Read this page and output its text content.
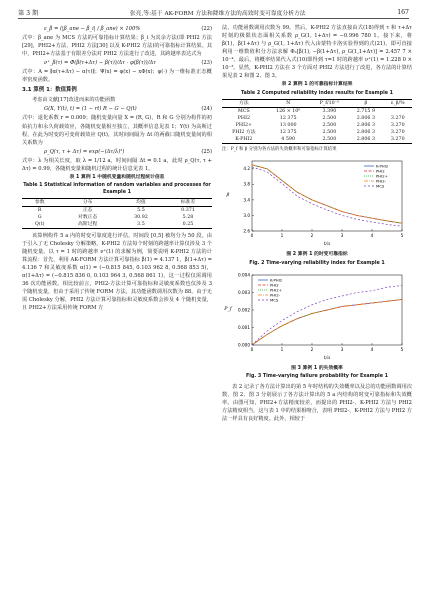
第 3 期	张亮,等:基于 AK-FORM 方法和降维方法的高效时变可靠度分析方法	167
ε_β = (|β_ane − β_i| / β_ane) × 100%	(22)

式中：β_ane 为 MCS 方法的可靠指标计算结果；β_i 为其余方法(即 PHI2 方法[29]，PHI2+方法、PHI2 方法[30] 以及 K-PHI2 方法)的可靠指标计算结果。其中，PHI2+方法基于有限差分法对 PHI2 方法进行了改进，其跨越率表达式为

ν⁺_β(τ) = Φ̄(β(τ+Δτ) − β(τ))/Δτ · φ(β(τ))/Δτ	(23)

式中：A = ∥α(τ+Δτ) − α(τ)∥；Ψ(x) = φ(x) − xΦ(x)；φ(·) 为一维标准正态概率密度函数。

3.1 算例 1：数值算例

考虑由文献[17]改进而来的功能函数

G(X, Y(t), t) = (1 − rt) R − G − Q(t)	(24)

式中：退化系数 r = 0.009；随机变量向量 X = (R, G)，R 和 G 分别为构件的初始抗力和永久荷载效应，各随机变量相互独立，其概率信息见表 1；Y(t) 为高斯过程，在此为时变的可变荷载效应 Q(t)，其时间间隔为 Δt 的两截口随机变量间的相关系数为

ρ_Q(τ, τ + Δτ) = exp(−(Δτ/λ)²)	(25)

式中：λ 为相关长度，取 λ = 1/12 a，时间间隔 Δt = 0.1 a，此时 ρ_Q(τ, τ + Δτ) = 0.99，各随机变量和随机过程的统计信息见表 1。

表 1 算例 1 中随机变量和随机过程统计信息
Table 1 Statistical information of random variables and processes for Example 1
参数	分布	均值	标准差
R	正态	5.5	0.371
G	对数正态	30.92	5.28
Q(t)	高斯过程	3.5	0.25

该算例构件 5 a 内的时变可靠度进行评估，时间段 [0,5] 被均分为 50 段。由于引入了无 Cholesky 分解策略，K-PHI2 方法每个时刻的跨越率计算仅涉及 3 个随机变量。以 τ = 1 时的跨越率 ν⁺(1) 的求解为例，简要说明 K-PHI2 方法的计算流程：首先，利用 AK-FORM 方法计算可靠指标 β(1) = 4.137 1，β(1+Δτ) = 4.136 7 和灵敏度系数 α(1) = (−0.815 845, 0.103 962 8, 0.568 853 5)，α(1+Δτ) = (−0.815 836 0, 0.103 964 3, 0.568 861 1)，这一过程仅需调用 36 次功能函数。相比较前言，PHI2-方法计算可靠指标和灵敏度系数也仅涉及 3 个随机变量，但由于采用了传统 FORM 方法，其功能函数调用次数为 88。由于无需 Cholesky 分解，PHI2 方法计算可靠指标和灵敏度系数会涉及 4 个随机变量，且 PHI2+方法采用传统 FORM 方

法，功能函数调用次数为 99。然后，K-PHI2 方法直接由式(18)得到 τ 和 τ+Δτ 时刻的极限状态面相关系数 ρ_G(1, 1+Δτ) = −0.996 780 1。接下来，将 β(1)，β(1+Δτ) 与 ρ_G(1, 1+Δτ) 代入由蒙特卡洛实验得到的式(21)，即可直接利用一维数值积分方法求解 Φ₂[β(1), −β(1+Δτ), ρ_G(1,1+Δτ)] = 2.457 7 × 10⁻⁴。最后，将概率结果代入式(10)即得到 τ=1 时的跨越率 ν⁺(1) = 1.228 0 × 10⁻³。显然，K-PHI2 方法在 3 个方面对 PHI2 方法进行了改进，各方法的计算结果见表 2 和图 2、图 3。

表 2 算例 1 的可靠指标计算结果
Table 2 Computed reliability index results for Example 1
方法	N	P_f/10⁻⁵	β	ε_β/%
MCS	126 × 10⁶	3.390	2.715 9	
PHI2	12 375	2.500	2.806 3	3.270
PHI2+	13 000	2.500	2.806 3	3.270
PHI2 方法	12 375	2.500	2.806 3	3.270
K-PHI2	4 590	2.500	2.806 3	3.270

注：P_f 和 β 分别为各方法的失效概率和可靠指标计算结果

0	1	2	3	4	5
2.6
3.0
3.4
3.8
4.2
t/a
β
K-PHI2
PHI2
PHI2+
PHI2-
MCS
图 2 算例 1 的时变可靠指标
Fig. 2 Time-varying reliability index for Example 1
0	1	2	3	4	5
0.000
0.001
0.002
0.003
0.004
t/a
P_f
K-PHI2
PHI2
PHI2+
PHI2-
MCS
图 3 算例 1 的失效概率
Fig. 3 Time-varying failure probability for Example 1

表 2 记录了各方法计算出的第 5 年时结构的失效概率以及总的功能函数调用次数，图 2、图 3 分别展示了各方法计算出的 5 a 内结构的时变可靠指标和失效概率。由图可知，PHI2+方法精度较差，而提出的 PHI2-、K-PHI2 方法与 PHI2 方法精度相当，这与表 1 中的结果相吻合，表明 PHI2-、K-PHI2 方法与 PHI2 方法一样具有良好精度。此外，相较于
